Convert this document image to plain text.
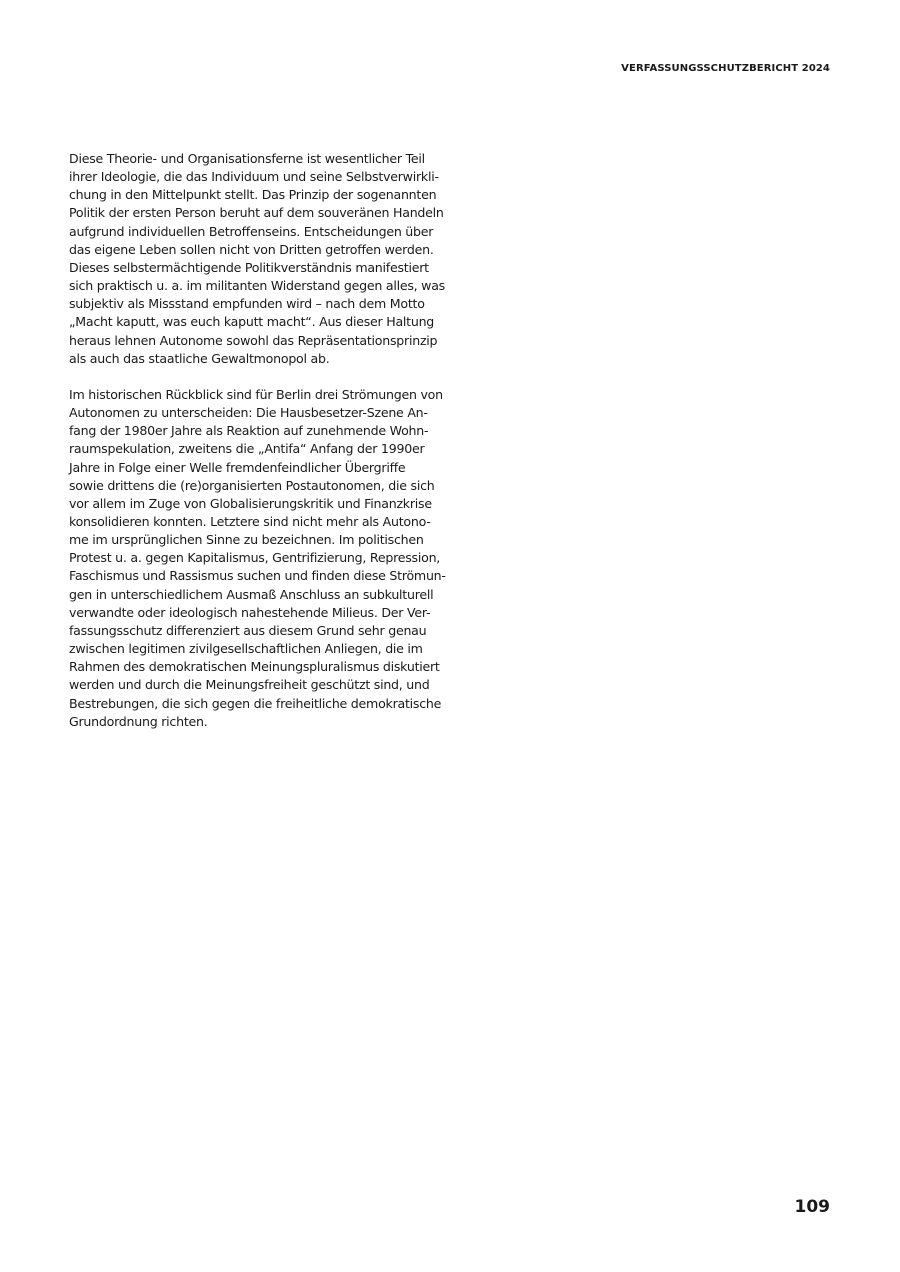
VERFASSUNGSSCHUTZBERICHT 2024

Diese Theorie- und Organisationsferne ist wesentlicher Teil
ihrer Ideologie, die das Individuum und seine Selbstverwirkli-
chung in den Mittelpunkt stellt. Das Prinzip der sogenannten
Politik der ersten Person beruht auf dem souveränen Handeln
aufgrund individuellen Betroffenseins. Entscheidungen über
das eigene Leben sollen nicht von Dritten getroffen werden.
Dieses selbstermächtigende Politikverständnis manifestiert
sich praktisch u. a. im militanten Widerstand gegen alles, was
subjektiv als Missstand empfunden wird – nach dem Motto
„Macht kaputt, was euch kaputt macht“. Aus dieser Haltung
heraus lehnen Autonome sowohl das Repräsentationsprinzip
als auch das staatliche Gewaltmonopol ab.

Im historischen Rückblick sind für Berlin drei Strömungen von
Autonomen zu unterscheiden: Die Hausbesetzer-Szene An-
fang der 1980er Jahre als Reaktion auf zunehmende Wohn-
raumspekulation, zweitens die „Antifa“ Anfang der 1990er
Jahre in Folge einer Welle fremdenfeindlicher Übergriffe
sowie drittens die (re)organisierten Postautonomen, die sich
vor allem im Zuge von Globalisierungskritik und Finanzkrise
konsolidieren konnten. Letztere sind nicht mehr als Autono-
me im ursprünglichen Sinne zu bezeichnen. Im politischen
Protest u. a. gegen Kapitalismus, Gentrifizierung, Repression,
Faschismus und Rassismus suchen und finden diese Strömun-
gen in unterschiedlichem Ausmaß Anschluss an subkulturell
verwandte oder ideologisch nahestehende Milieus. Der Ver-
fassungsschutz differenziert aus diesem Grund sehr genau
zwischen legitimen zivilgesellschaftlichen Anliegen, die im
Rahmen des demokratischen Meinungspluralismus diskutiert
werden und durch die Meinungsfreiheit geschützt sind, und
Bestrebungen, die sich gegen die freiheitliche demokratische
Grundordnung richten.

109
